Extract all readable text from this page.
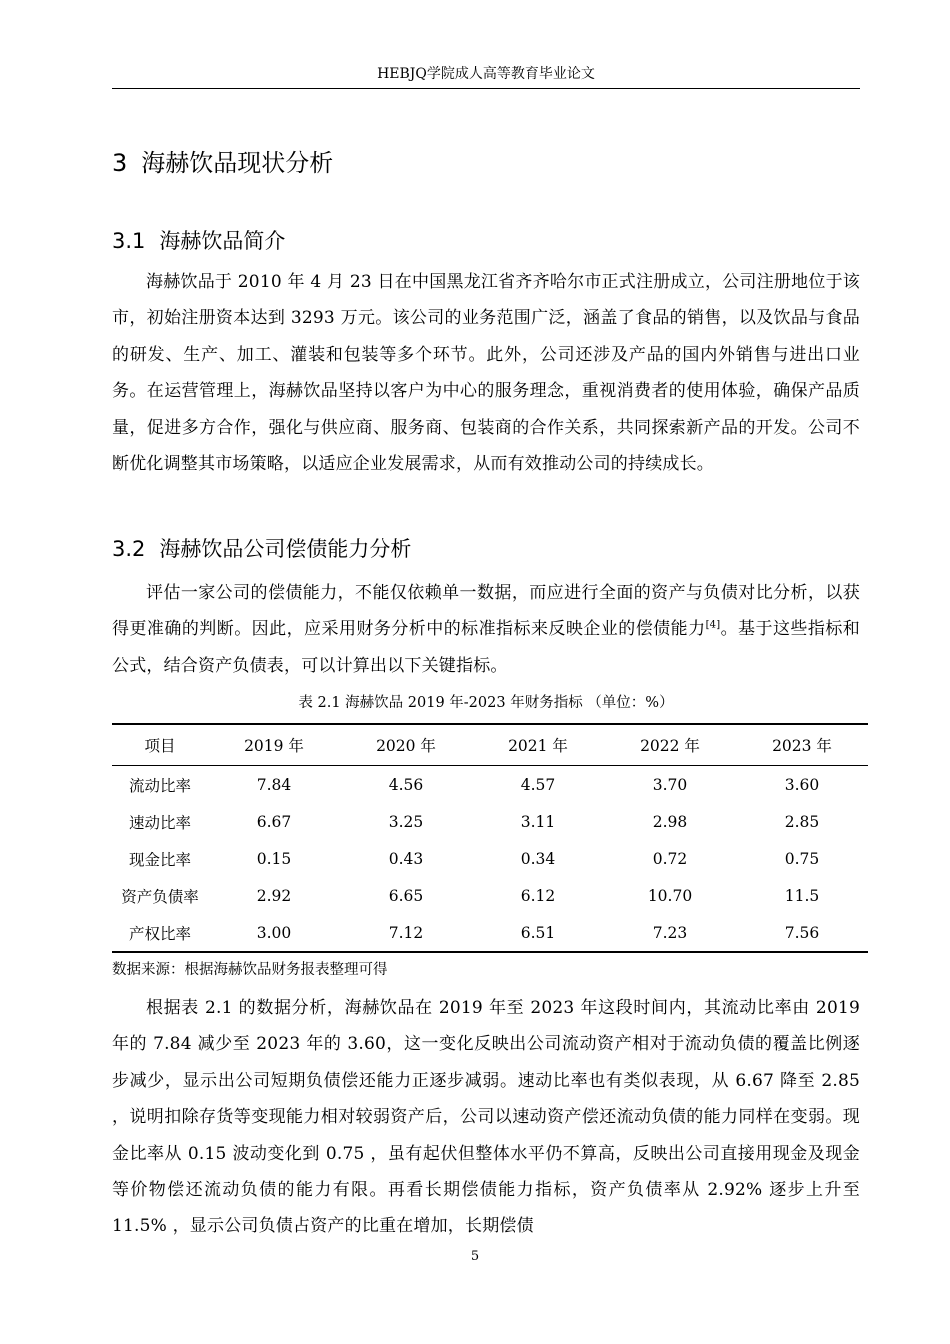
HEBJQ学院成人高等教育毕业论文
3 海赫饮品现状分析
3.1 海赫饮品简介
海赫饮品于 2010 年 4 月 23 日在中国黑龙江省齐齐哈尔市正式注册成立，公司注册地位于该市，初始注册资本达到 3293 万元。该公司的业务范围广泛，涵盖了食品的销售，以及饮品与食品的研发、生产、加工、灌装和包装等多个环节。此外，公司还涉及产品的国内外销售与进出口业务。在运营管理上，海赫饮品坚持以客户为中心的服务理念，重视消费者的使用体验，确保产品质量，促进多方合作，强化与供应商、服务商、包装商的合作关系，共同探索新产品的开发。公司不断优化调整其市场策略，以适应企业发展需求，从而有效推动公司的持续成长。
3.2 海赫饮品公司偿债能力分析
评估一家公司的偿债能力，不能仅依赖单一数据，而应进行全面的资产与负债对比分析，以获得更准确的判断。因此，应采用财务分析中的标准指标来反映企业的偿债能力[4]。基于这些指标和公式，结合资产负债表，可以计算出以下关键指标。
表 2.1 海赫饮品 2019 年-2023 年财务指标 （单位：%）
项目	2019 年	2020 年	2021 年	2022 年	2023 年
流动比率	7.84	4.56	4.57	3.70	3.60
速动比率	6.67	3.25	3.11	2.98	2.85
现金比率	0.15	0.43	0.34	0.72	0.75
资产负债率	2.92	6.65	6.12	10.70	11.5
产权比率	3.00	7.12	6.51	7.23	7.56
数据来源：根据海赫饮品财务报表整理可得
根据表 2.1 的数据分析，海赫饮品在 2019 年至 2023 年这段时间内，其流动比率由 2019 年的 7.84 减少至 2023 年的 3.60，这一变化反映出公司流动资产相对于流动负债的覆盖比例逐步减少，显示出公司短期负债偿还能力正逐步减弱。速动比率也有类似表现，从 6.67 降至 2.85 ，说明扣除存货等变现能力相对较弱资产后，公司以速动资产偿还流动负债的能力同样在变弱。现金比率从 0.15 波动变化到 0.75 ，虽有起伏但整体水平仍不算高，反映出公司直接用现金及现金等价物偿还流动负债的能力有限。再看长期偿债能力指标，资产负债率从 2.92% 逐步上升至 11.5% ，显示公司负债占资产的比重在增加，长期偿债
5
